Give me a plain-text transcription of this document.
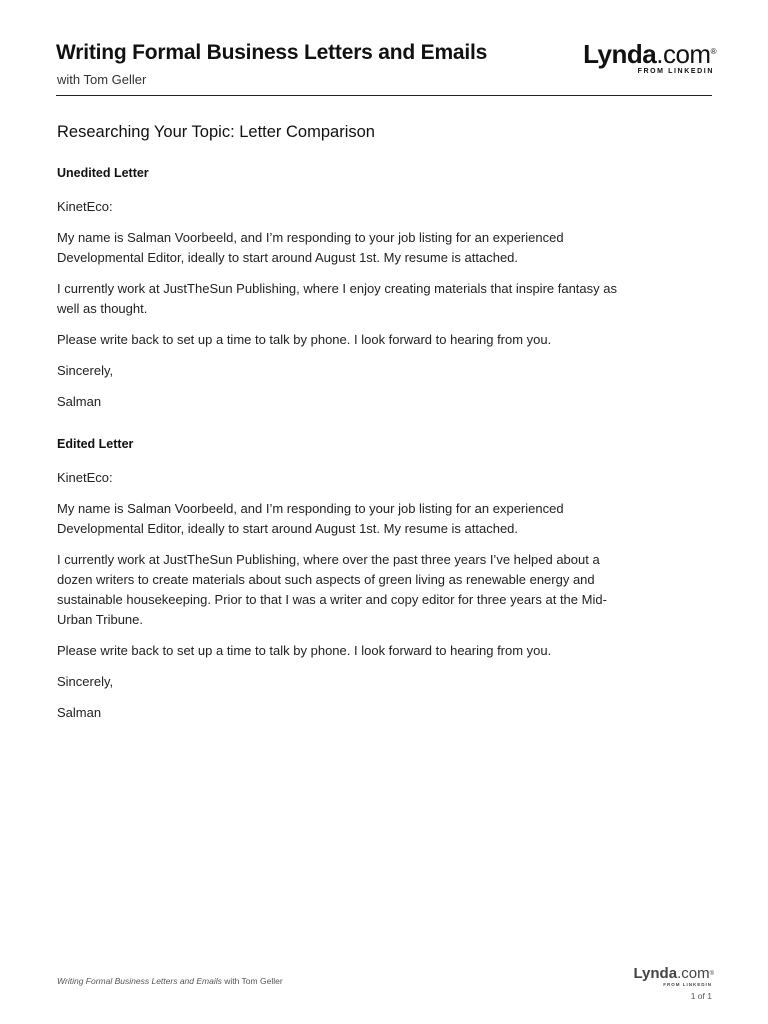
Writing Formal Business Letters and Emails
with Tom Geller
Lynda.com®
FROM LINKEDIN
Researching Your Topic: Letter Comparison
Unedited Letter

KinetEco:

My name is Salman Voorbeeld, and I’m responding to your job listing for an experienced Developmental Editor, ideally to start around August 1st. My resume is attached.

I currently work at JustTheSun Publishing, where I enjoy creating materials that inspire fantasy as well as thought.

Please write back to set up a time to talk by phone. I look forward to hearing from you.

Sincerely,

Salman

Edited Letter

KinetEco:

My name is Salman Voorbeeld, and I’m responding to your job listing for an experienced Developmental Editor, ideally to start around August 1st. My resume is attached.

I currently work at JustTheSun Publishing, where over the past three years I’ve helped about a dozen writers to create materials about such aspects of green living as renewable energy and sustainable housekeeping. Prior to that I was a writer and copy editor for three years at the Mid-Urban Tribune.

Please write back to set up a time to talk by phone. I look forward to hearing from you.

Sincerely,

Salman

Writing Formal Business Letters and Emails with Tom Geller	Lynda.com®
FROM LINKEDIN
1 of 1
